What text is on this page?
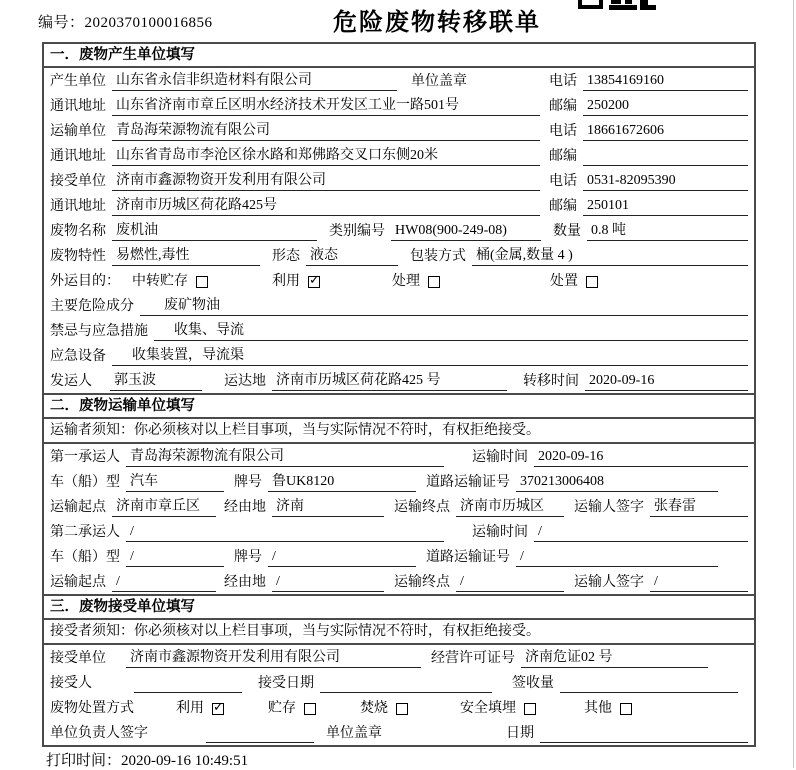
编号：2020370100016856	危险废物转移联单
一．废物产生单位填写
产生单位 山东省永信非织造材料有限公司	单位盖章	电话 13854169160
通讯地址 山东省济南市章丘区明水经济技术开发区工业一路501号	邮编 250200
运输单位 青岛海荣源物流有限公司	电话 18661672606
通讯地址 山东省青岛市李沧区徐水路和郑佛路交叉口东侧20米	邮编
接受单位 济南市鑫源物资开发利用有限公司	电话 0531-82095390
通讯地址 济南市历城区荷花路425号	邮编 250101
废物名称 废机油	类别编号 HW08(900-249-08)	数量 0.8 吨
废物特性 易燃性,毒性	形态 液态	包装方式 桶(金属,数量 4 )
外运目的： 中转贮存	利用 ✓	处理	处置
主要危险成分	废矿物油
禁忌与应急措施	收集、导流
应急设备	收集装置，导流渠
发运人	郭玉波	运达地 济南市历城区荷花路425 号	转移时间 2020-09-16
二．废物运输单位填写
运输者须知：你必须核对以上栏目事项，当与实际情况不符时，有权拒绝接受。
第一承运人 青岛海荣源物流有限公司	运输时间 2020-09-16
车（船）型 汽车	牌号 鲁UK8120	道路运输证号 370213006408
运输起点 济南市章丘区	经由地 济南	运输终点 济南市历城区	运输人签字 张春雷
第二承运人 /	运输时间 /
车（船）型 /	牌号 /	道路运输证号 /
运输起点 /	经由地 /	运输终点 /	运输人签字 /
三．废物接受单位填写
接受者须知：你必须核对以上栏目事项，当与实际情况不符时，有权拒绝接受。
接受单位	济南市鑫源物资开发利用有限公司	经营许可证号 济南危证02 号
接受人	接受日期	签收量
废物处置方式	利用 ✓	贮存	焚烧	安全填埋	其他
单位负责人签字	单位盖章	日期
打印时间：2020-09-16 10:49:51
